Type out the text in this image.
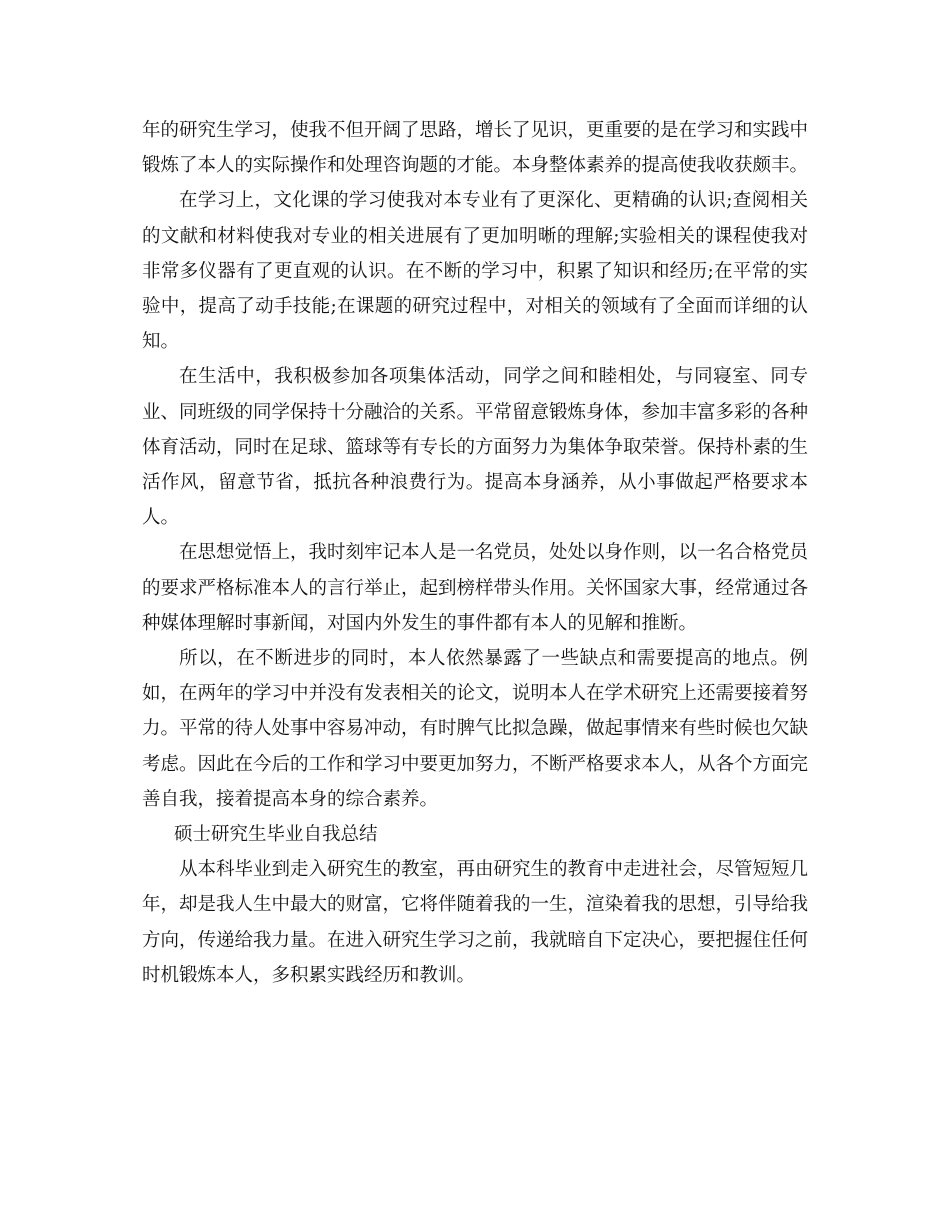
年的研究生学习，使我不但开阔了思路，增长了见识，更重要的是在学习和实践中锻炼了本人的实际操作和处理咨询题的才能。本身整体素养的提高使我收获颇丰。

在学习上，文化课的学习使我对本专业有了更深化、更精确的认识;查阅相关的文献和材料使我对专业的相关进展有了更加明晰的理解;实验相关的课程使我对非常多仪器有了更直观的认识。在不断的学习中，积累了知识和经历;在平常的实验中，提高了动手技能;在课题的研究过程中，对相关的领域有了全面而详细的认知。

在生活中，我积极参加各项集体活动，同学之间和睦相处，与同寝室、同专业、同班级的同学保持十分融洽的关系。平常留意锻炼身体，参加丰富多彩的各种体育活动，同时在足球、篮球等有专长的方面努力为集体争取荣誉。保持朴素的生活作风，留意节省，抵抗各种浪费行为。提高本身涵养，从小事做起严格要求本人。

在思想觉悟上，我时刻牢记本人是一名党员，处处以身作则，以一名合格党员的要求严格标准本人的言行举止，起到榜样带头作用。关怀国家大事，经常通过各种媒体理解时事新闻，对国内外发生的事件都有本人的见解和推断。

所以，在不断进步的同时，本人依然暴露了一些缺点和需要提高的地点。例如，在两年的学习中并没有发表相关的论文，说明本人在学术研究上还需要接着努力。平常的待人处事中容易冲动，有时脾气比拟急躁，做起事情来有些时候也欠缺考虑。因此在今后的工作和学习中要更加努力，不断严格要求本人，从各个方面完善自我，接着提高本身的综合素养。

硕士研究生毕业自我总结

从本科毕业到走入研究生的教室，再由研究生的教育中走进社会，尽管短短几年，却是我人生中最大的财富，它将伴随着我的一生，渲染着我的思想，引导给我方向，传递给我力量。在进入研究生学习之前，我就暗自下定决心，要把握住任何时机锻炼本人，多积累实践经历和教训。
